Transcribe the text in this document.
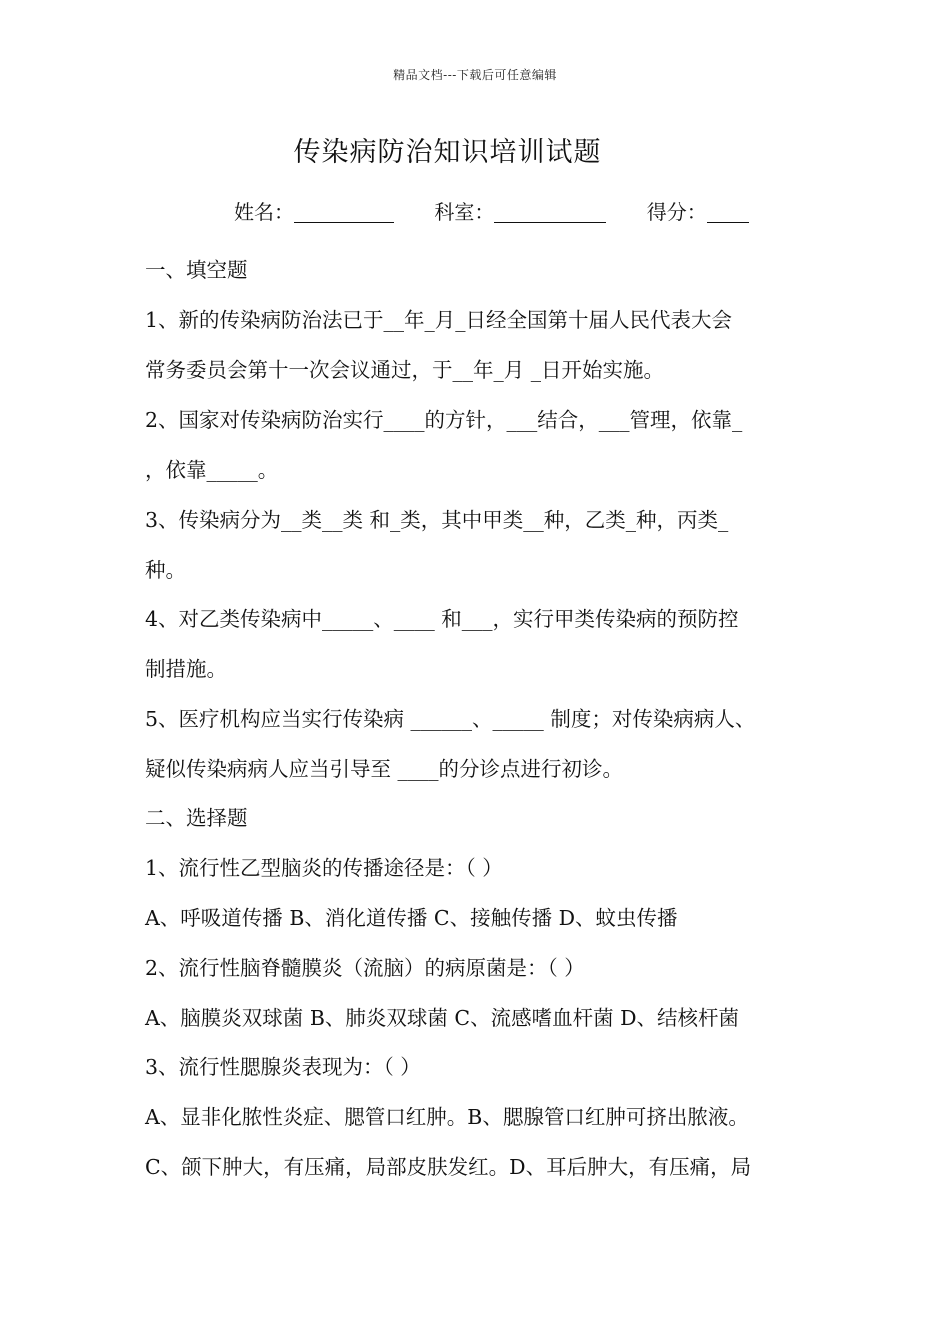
精品文档---下载后可任意编辑
传染病防治知识培训试题
姓名：	科室：	得分：
一、填空题
1、新的传染病防治法已于__年_月_日经全国第十届人民代表大会
常务委员会第十一次会议通过，于__年_月 _日开始实施。
2、国家对传染病防治实行____的方针，___结合，___管理，依靠_
，依靠_____。
3、传染病分为__类__类 和_类，其中甲类__种，乙类_种，丙类_
种。
4、对乙类传染病中_____、____ 和___，实行甲类传染病的预防控
制措施。
5、医疗机构应当实行传染病 ______、_____ 制度；对传染病病人、
疑似传染病病人应当引导至 ____的分诊点进行初诊。
二、选择题
1、流行性乙型脑炎的传播途径是：（ ）
A、呼吸道传播 B、消化道传播 C、接触传播 D、蚊虫传播
2、流行性脑脊髓膜炎（流脑）的病原菌是：（ ）
A、脑膜炎双球菌 B、肺炎双球菌 C、流感嗜血杆菌 D、结核杆菌
3、流行性腮腺炎表现为：（ ）
A、显非化脓性炎症、腮管口红肿。B、腮腺管口红肿可挤出脓液。
C、颌下肿大，有压痛，局部皮肤发红。D、耳后肿大，有压痛，局
